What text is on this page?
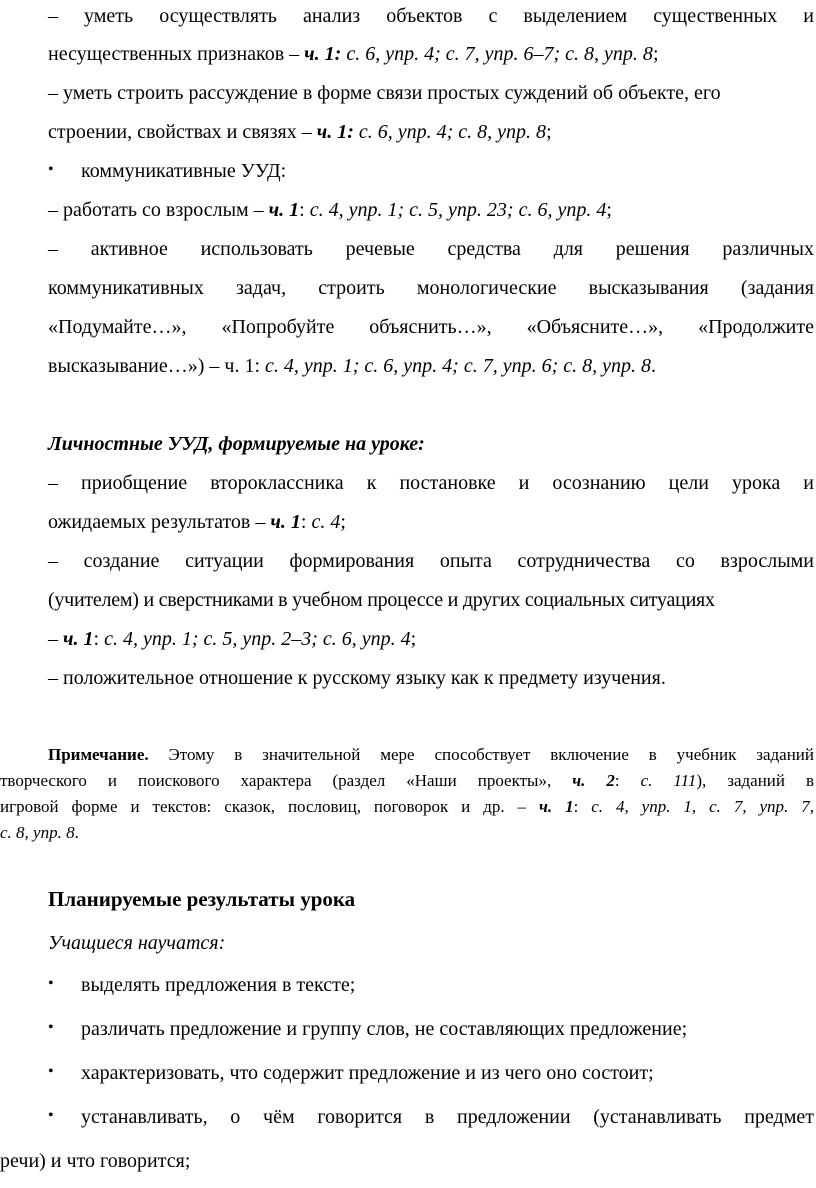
– уметь осуществлять анализ объектов с выделением существенных и
несущественных признаков – ч. 1: с. 6, упр. 4; с. 7, упр. 6–7; с. 8, упр. 8;
– уметь строить рассуждение в форме связи простых суждений об объекте, его
строении, свойствах и связях – ч. 1: с. 6, упр. 4; с. 8, упр. 8;
• коммуникативные УУД:
– работать со взрослым – ч. 1: с. 4, упр. 1; с. 5, упр. 23; с. 6, упр. 4;
– активное использовать речевые средства для решения различных
коммуникативных задач, строить монологические высказывания (задания
«Подумайте…», «Попробуйте объяснить…», «Объясните…», «Продолжите
высказывание…») – ч. 1: с. 4, упр. 1; с. 6, упр. 4; с. 7, упр. 6; с. 8, упр. 8.
Личностные УУД, формируемые на уроке:
– приобщение второклассника к постановке и осознанию цели урока и
ожидаемых результатов – ч. 1: с. 4;
– создание ситуации формирования опыта сотрудничества со взрослыми
(учителем) и сверстниками в учебном процессе и других социальных ситуациях
– ч. 1: с. 4, упр. 1; с. 5, упр. 2–3; с. 6, упр. 4;
– положительное отношение к русскому языку как к предмету изучения.
Примечание. Этому в значительной мере способствует включение в учебник заданий
творческого и поискового характера (раздел «Наши проекты», ч. 2: с. 111), заданий в
игровой форме и текстов: сказок, пословиц, поговорок и др. – ч. 1: с. 4, упр. 1, с. 7, упр. 7,
с. 8, упр. 8.
Планируемые результаты урока
Учащиеся научатся:
• выделять предложения в тексте;
• различать предложение и группу слов, не составляющих предложение;
• характеризовать, что содержит предложение и из чего оно состоит;
• устанавливать, о чём говорится в предложении (устанавливать предмет
речи) и что говорится;
